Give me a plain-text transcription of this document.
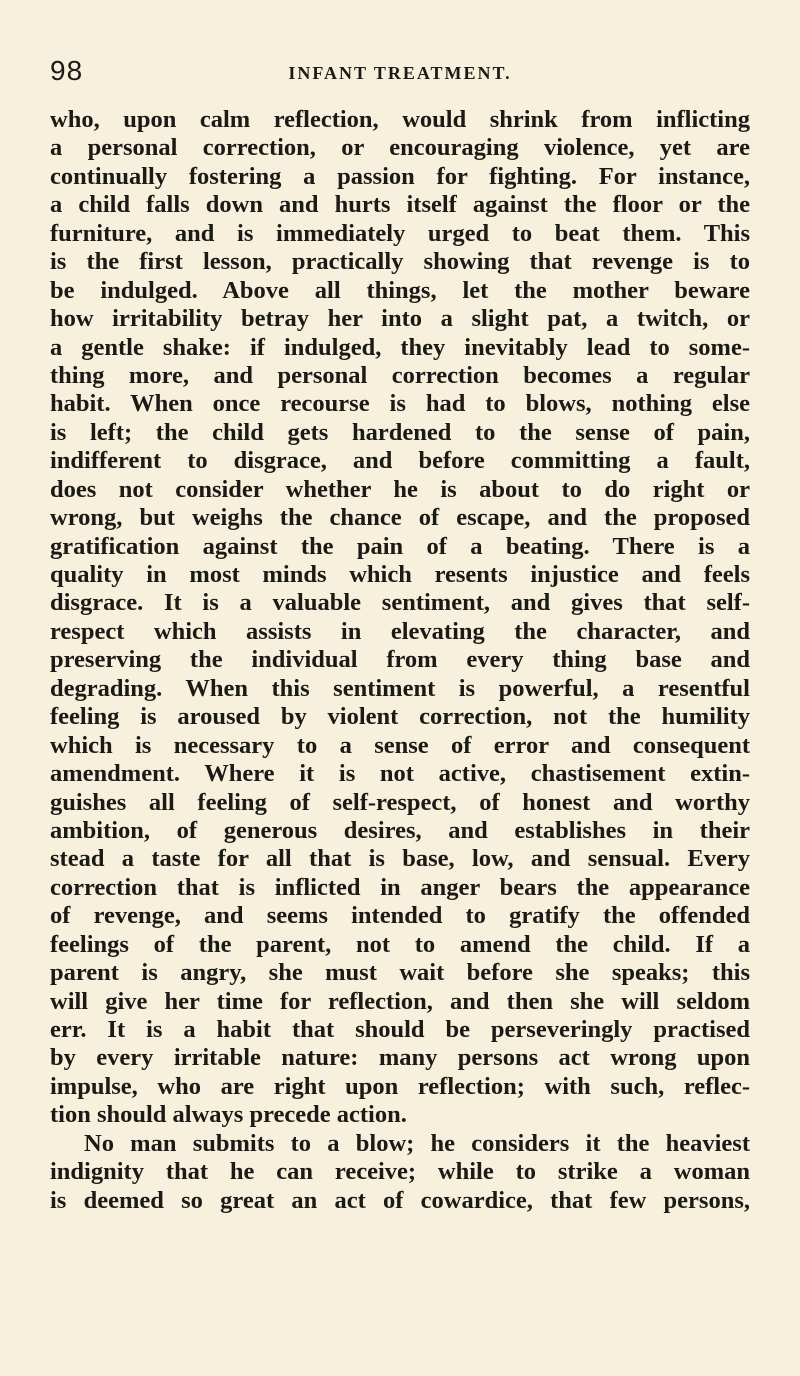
98	INFANT TREATMENT.
who, upon calm reflection, would shrink from inflicting
a personal correction, or encouraging violence, yet are
continually fostering a passion for fighting. For instance,
a child falls down and hurts itself against the floor or the
furniture, and is immediately urged to beat them. This
is the first lesson, practically showing that revenge is to
be indulged. Above all things, let the mother beware
how irritability betray her into a slight pat, a twitch, or
a gentle shake: if indulged, they inevitably lead to some-
thing more, and personal correction becomes a regular
habit. When once recourse is had to blows, nothing else
is left; the child gets hardened to the sense of pain,
indifferent to disgrace, and before committing a fault,
does not consider whether he is about to do right or
wrong, but weighs the chance of escape, and the proposed
gratification against the pain of a beating. There is a
quality in most minds which resents injustice and feels
disgrace. It is a valuable sentiment, and gives that self-
respect which assists in elevating the character, and
preserving the individual from every thing base and
degrading. When this sentiment is powerful, a resentful
feeling is aroused by violent correction, not the humility
which is necessary to a sense of error and consequent
amendment. Where it is not active, chastisement extin-
guishes all feeling of self-respect, of honest and worthy
ambition, of generous desires, and establishes in their
stead a taste for all that is base, low, and sensual. Every
correction that is inflicted in anger bears the appearance
of revenge, and seems intended to gratify the offended
feelings of the parent, not to amend the child. If a
parent is angry, she must wait before she speaks; this
will give her time for reflection, and then she will seldom
err. It is a habit that should be perseveringly practised
by every irritable nature: many persons act wrong upon
impulse, who are right upon reflection; with such, reflec-
tion should always precede action.
No man submits to a blow; he considers it the heaviest
indignity that he can receive; while to strike a woman
is deemed so great an act of cowardice, that few persons,
